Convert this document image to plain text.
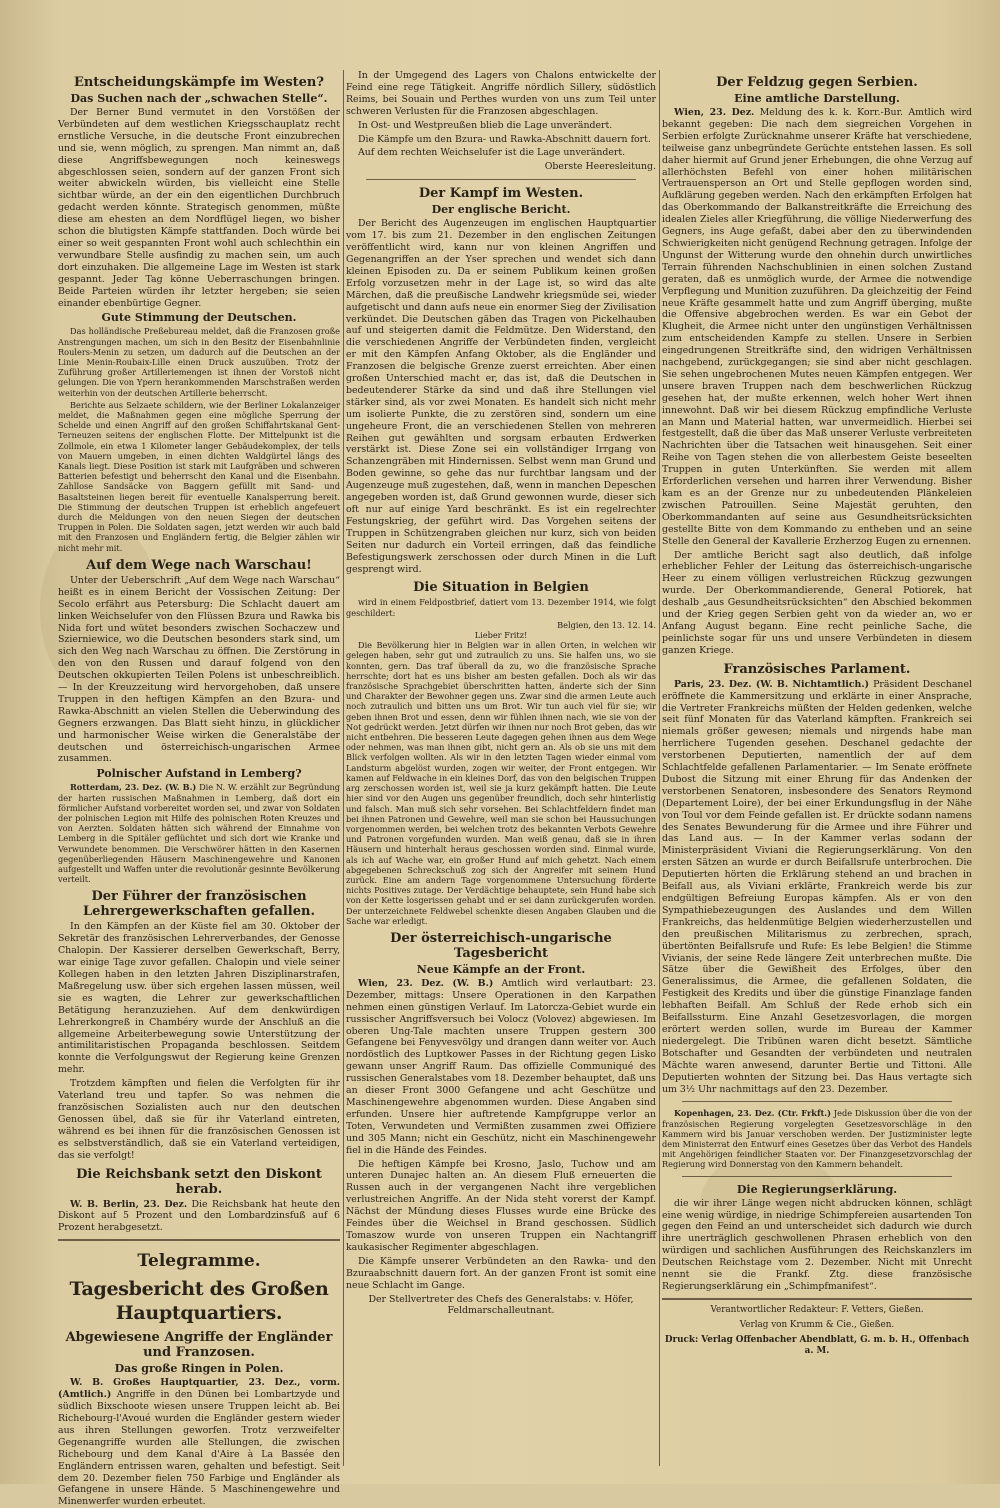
Entscheidungskämpfe im Westen?
Das Suchen nach der „schwachen Stelle“.

Der Berner Bund vermutet in den Vorstößen der Verbündeten auf dem westlichen Kriegsschauplatz recht ernstliche Versuche, in die deutsche Front einzubrechen und sie, wenn möglich, zu sprengen. Man nimmt an, daß diese Angriffsbewegungen noch keineswegs abgeschlossen seien, sondern auf der ganzen Front sich weiter abwickeln würden, bis vielleicht eine Stelle sichtbar würde, an der ein den eigentlichen Durchbruch gedacht werden könnte. Strategisch genommen, müßte diese am ehesten an dem Nordflügel liegen, wo bisher schon die blutigsten Kämpfe stattfanden. Doch würde bei einer so weit gespannten Front wohl auch schlechthin ein verwundbare Stelle ausfindig zu machen sein, um auch dort einzuhaken. Die allgemeine Lage im Westen ist stark gespannt. Jeder Tag könne Ueberraschungen bringen. Beide Parteien würden ihr letzter hergeben; sie seien einander ebenbürtige Gegner.

Gute Stimmung der Deutschen.

Das holländische Preßebureau meldet, daß die Franzosen große Anstrengungen machen, um sich in den Besitz der Eisenbahnlinie Roulers-Menin zu setzen, um dadurch auf die Deutschen an der Linie Menin-Roubaix-Lille einen Druck auszuüben. Trotz der Zuführung großer Artilleriemengen ist ihnen der Vorstoß nicht gelungen. Die von Ypern herankommenden Marschstraßen werden weiterhin von der deutschen Artillerie beherrscht.

Berichte aus Selzaete schildern, wie der Berliner Lokalanzeiger meldet, die Maßnahmen gegen eine mögliche Sperrung der Schelde und einen Angriff auf den großen Schiffahrtskanal Gent-Terneuzen seitens der englischen Flotte. Der Mittelpunkt ist die Zollmole, ein etwa 1 Kilometer langer Gebäudekomplex, der teils von Mauern umgeben, in einen dichten Waldgürtel längs des Kanals liegt. Diese Position ist stark mit Laufgräben und schweren Batterien befestigt und beherrscht den Kanal und die Eisenbahn. Zahllose Sandsäcke von Baggern gefüllt mit Sand- und Basaltsteinen liegen bereit für eventuelle Kanalsperrung bereit. Die Stimmung der deutschen Truppen ist erheblich angefeuert durch die Meldungen von den neuen Siegen der deutschen Truppen in Polen. Die Soldaten sagen, jetzt werden wir auch bald mit den Franzosen und Engländern fertig, die Belgier zählen wir nicht mehr mit.

Auf dem Wege nach Warschau!

Unter der Ueberschrift „Auf dem Wege nach Warschau“ heißt es in einem Bericht der Vossischen Zeitung: Der Secolo erfährt aus Petersburg: Die Schlacht dauert am linken Weichselufer von den Flüssen Bzura und Rawka bis Nida fort und wütet besonders zwischen Sochaczew und Szierniewice, wo die Deutschen besonders stark sind, um sich den Weg nach Warschau zu öffnen. Die Zerstörung in den von den Russen und darauf folgend von den Deutschen okkupierten Teilen Polens ist unbeschreiblich. — In der Kreuzzeitung wird hervorgehoben, daß unsere Truppen in den heftigen Kämpfen an den Bzura- und Rawka-Abschnitt an vielen Stellen die Ueberwindung des Gegners erzwangen. Das Blatt sieht hinzu, in glücklicher und harmonischer Weise wirken die Generalstäbe der deutschen und österreichisch-ungarischen Armee zusammen.

Polnischer Aufstand in Lemberg?

Rotterdam, 23. Dez. (W. B.) Die N. W. erzählt zur Begründung der harten russischen Maßnahmen in Lemberg, daß dort ein förmlicher Aufstand vorbereitet worden sei, und zwar von Soldaten der polnischen Legion mit Hilfe des polnischen Roten Kreuzes und von Aerzten. Soldaten hätten sich während der Einnahme von Lemberg in die Spitäler geflüchtet und sich dort wie Kranke und Verwundete benommen. Die Verschwörer hätten in den Kasernen gegenüberliegenden Häusern Maschinengewehre und Kanonen aufgestellt und Waffen unter die revolutionär gesinnte Bevölkerung verteilt.

Der Führer der französischen Lehrergewerkschaften gefallen.

In den Kämpfen an der Küste fiel am 30. Oktober der Sekretär des französischen Lehrerverbandes, der Genosse Chalopin. Der Kassierer derselben Gewerkschaft, Berry, war einige Tage zuvor gefallen. Chalopin und viele seiner Kollegen haben in den letzten Jahren Disziplinarstrafen, Maßregelung usw. über sich ergehen lassen müssen, weil sie es wagten, die Lehrer zur gewerkschaftlichen Betätigung heranzuziehen. Auf dem denkwürdigen Lehrerkongreß in Chambéry wurde der Anschluß an die allgemeine Arbeiterbewegung sowie Unterstützung der antimilitaristischen Propaganda beschlossen. Seitdem konnte die Verfolgungswut der Regierung keine Grenzen mehr.

Trotzdem kämpften und fielen die Verfolgten für ihr Vaterland treu und tapfer. So was nehmen die französischen Sozialisten auch nur den deutschen Genossen übel, daß sie für ihr Vaterland eintreten, während es bei ihnen für die französischen Genossen ist es selbstverständlich, daß sie ein Vaterland verteidigen, das sie verfolgt!

Die Reichsbank setzt den Diskont herab.

W. B. Berlin, 23. Dez. Die Reichsbank hat heute den Diskont auf 5 Prozent und den Lombardzinsfuß auf 6 Prozent herabgesetzt.

Telegramme.
Tagesbericht des Großen Hauptquartiers.
Abgewiesene Angriffe der Engländer und Franzosen.
Das große Ringen in Polen.

W. B. Großes Hauptquartier, 23. Dez., vorm. (Amtlich.) Angriffe in den Dünen bei Lombartzyde und südlich Bixschoote wiesen unsere Truppen leicht ab. Bei Richebourg-l'Avoué wurden die Engländer gestern wieder aus ihren Stellungen geworfen. Trotz verzweifelter Gegenangriffe wurden alle Stellungen, die zwischen Richebourg und dem Kanal d'Aire à La Bassée den Engländern entrissen waren, gehalten und befestigt. Seit dem 20. Dezember fielen 750 Farbige und Engländer als Gefangene in unsere Hände. 5 Maschinengewehre und Minenwerfer wurden erbeutet.

In der Umgegend des Lagers von Chalons entwickelte der Feind eine rege Tätigkeit. Angriffe nördlich Sillery, südöstlich Reims, bei Souain und Perthes wurden von uns zum Teil unter schweren Verlusten für die Franzosen abgeschlagen.

In Ost- und Westpreußen blieb die Lage unverändert.

Die Kämpfe um den Bzura- und Rawka-Abschnitt dauern fort.

Auf dem rechten Weichselufer ist die Lage unverändert.

Oberste Heeresleitung.
Der Kampf im Westen.
Der englische Bericht.

Der Bericht des Augenzeugen im englischen Hauptquartier vom 17. bis zum 21. Dezember in den englischen Zeitungen veröffentlicht wird, kann nur von kleinen Angriffen und Gegenangriffen an der Yser sprechen und wendet sich dann kleinen Episoden zu. Da er seinem Publikum keinen großen Erfolg vorzusetzen mehr in der Lage ist, so wird das alte Märchen, daß die preußische Landwehr kriegsmüde sei, wieder aufgetischt und dann aufs neue ein enormer Sieg der Zivilisation verkündet. Die Deutschen gäben das Tragen von Pickelhauben auf und steigerten damit die Feldmütze. Den Widerstand, den die verschiedenen Angriffe der Verbündeten finden, vergleicht er mit den Kämpfen Anfang Oktober, als die Engländer und Franzosen die belgische Grenze zuerst erreichten. Aber einen großen Unterschied macht er, das ist, daß die Deutschen in bedeutenderer Stärke da sind und daß ihre Stellungen viel stärker sind, als vor zwei Monaten. Es handelt sich nicht mehr um isolierte Punkte, die zu zerstören sind, sondern um eine ungeheure Front, die an verschiedenen Stellen von mehreren Reihen gut gewählten und sorgsam erbauten Erdwerken verstärkt ist. Diese Zone sei ein vollständiger Irrgang von Schanzengräben mit Hindernissen. Selbst wenn man Grund und Boden gewinne, so gehe das nur furchtbar langsam und der Augenzeuge muß zugestehen, daß, wenn in manchen Depeschen angegeben worden ist, daß Grund gewonnen wurde, dieser sich oft nur auf einige Yard beschränkt. Es ist ein regelrechter Festungskrieg, der geführt wird. Das Vorgehen seitens der Truppen in Schützengraben gleichen nur kurz, sich von beiden Seiten nur dadurch ein Vorteil erringen, daß das feindliche Befestigungswerk zerschossen oder durch Minen in die Luft gesprengt wird.

Die Situation in Belgien

wird in einem Feldpostbrief, datiert vom 13. Dezember 1914, wie folgt geschildert:

Belgien, den 13. 12. 14.
Lieber Fritz!

Die Bevölkerung hier in Belgien war in allen Orten, in welchen wir gelegen haben, sehr gut und zutraulich zu uns. Sie halfen uns, wo sie konnten, gern. Das traf überall da zu, wo die französische Sprache herrschte; dort hat es uns bisher am besten gefallen. Doch als wir das französische Sprachgebiet überschritten hatten, änderte sich der Sinn und Charakter der Bewohner gegen uns. Zwar sind die armen Leute auch noch zutraulich und bitten uns um Brot. Wir tun auch viel für sie; wir geben ihnen Brot und essen, denn wir fühlen ihnen nach, wie sie von der Not gedrückt werden. Jetzt dürfen wir ihnen nur noch Brot geben, das wir nicht entbehren. Die besseren Leute dagegen gehen ihnen aus dem Wege oder nehmen, was man ihnen gibt, nicht gern an. Als ob sie uns mit dem Blick verfolgen wollten. Als wir in den letzten Tagen wieder einmal vom Landsturm abgelöst wurden, zogen wir weiter, der Front entgegen. Wir kamen auf Feldwache in ein kleines Dorf, das von den belgischen Truppen arg zerschossen worden ist, weil sie ja kurz gekämpft hatten. Die Leute hier sind vor den Augen uns gegenüber freundlich, doch sehr hinterlistig und falsch. Man muß sich sehr vorsehen. Bei Schlachtfeldern findet man bei ihnen Patronen und Gewehre, weil man sie schon bei Haussuchungen vorgenommen werden, bei welchen trotz des bekannten Verbots Gewehre und Patronen vorgefunden wurden. Man weiß genau, daß sie in ihren Häusern und hinterhalt heraus geschossen worden sind. Einmal wurde, als ich auf Wache war, ein großer Hund auf mich gehetzt. Nach einem abgegebenen Schreckschuß zog sich der Angreifer mit seinem Hund zurück. Eine am andern Tage vorgenommene Untersuchung förderte nichts Positives zutage. Der Verdächtige behauptete, sein Hund habe sich von der Kette losgerissen gehabt und er sei dann zurückgerufen worden. Der unterzeichnete Feldwebel schenkte diesen Angaben Glauben und die Sache war erledigt.

Der österreichisch-ungarische Tagesbericht
Neue Kämpfe an der Front.

Wien, 23. Dez. (W. B.) Amtlich wird verlautbart: 23. Dezember, mittags: Unsere Operationen in den Karpathen nehmen einen günstigen Verlauf. Im Latorcza-Gebiet wurde ein russischer Angriffsversuch bei Volocz (Volovez) abgewiesen. Im oberen Ung-Tale machten unsere Truppen gestern 300 Gefangene bei Fenyvesvölgy und drangen dann weiter vor. Auch nordöstlich des Luptkower Passes in der Richtung gegen Lisko gewann unser Angriff Raum. Das offizielle Communiqué des russischen Generalstabes vom 18. Dezember behauptet, daß uns an dieser Front 3000 Gefangene und acht Geschütze und Maschinengewehre abgenommen wurden. Diese Angaben sind erfunden. Unsere hier auftretende Kampfgruppe verlor an Toten, Verwundeten und Vermißten zusammen zwei Offiziere und 305 Mann; nicht ein Geschütz, nicht ein Maschinengewehr fiel in die Hände des Feindes.

Die heftigen Kämpfe bei Krosno, Jaslo, Tuchow und am unteren Dunajec halten an. An diesem Fluß erneuerten die Russen auch in der vergangenen Nacht ihre vergeblichen verlustreichen Angriffe. An der Nida steht vorerst der Kampf. Nächst der Mündung dieses Flusses wurde eine Brücke des Feindes über die Weichsel in Brand geschossen. Südlich Tomaszow wurde von unseren Truppen ein Nachtangriff kaukasischer Regimenter abgeschlagen.

Die Kämpfe unserer Verbündeten an den Rawka- und den Bzuraabschnitt dauern fort. An der ganzen Front ist somit eine neue Schlacht im Gange.

Der Stellvertreter des Chefs des Generalstabs: v. Höfer, Feldmarschalleutnant.
Der Feldzug gegen Serbien.
Eine amtliche Darstellung.

Wien, 23. Dez. Meldung des k. k. Korr.-Bur. Amtlich wird bekannt gegeben: Die nach dem siegreichen Vorgehen in Serbien erfolgte Zurücknahme unserer Kräfte hat verschiedene, teilweise ganz unbegründete Gerüchte entstehen lassen. Es soll daher hiermit auf Grund jener Erhebungen, die ohne Verzug auf allerhöchsten Befehl von einer hohen militärischen Vertrauensperson an Ort und Stelle gepflogen worden sind, Aufklärung gegeben werden. Nach den erkämpften Erfolgen hat das Oberkommando der Balkanstreitkräfte die Erreichung des idealen Zieles aller Kriegführung, die völlige Niederwerfung des Gegners, ins Auge gefaßt, dabei aber den zu überwindenden Schwierigkeiten nicht genügend Rechnung getragen. Infolge der Ungunst der Witterung wurde den ohnehin durch unwirtliches Terrain führenden Nachschublinien in einen solchen Zustand geraten, daß es unmöglich wurde, der Armee die notwendige Verpflegung und Munition zuzuführen. Da gleichzeitig der Feind neue Kräfte gesammelt hatte und zum Angriff überging, mußte die Offensive abgebrochen werden. Es war ein Gebot der Klugheit, die Armee nicht unter den ungünstigen Verhältnissen zum entscheidenden Kampfe zu stellen. Unsere in Serbien eingedrungenen Streitkräfte sind, den widrigen Verhältnissen nachgebend, zurückgegangen; sie sind aber nicht geschlagen. Sie sehen ungebrochenen Mutes neuen Kämpfen entgegen. Wer unsere braven Truppen nach dem beschwerlichen Rückzug gesehen hat, der mußte erkennen, welch hoher Wert ihnen innewohnt. Daß wir bei diesem Rückzug empfindliche Verluste an Mann und Material hatten, war unvermeidlich. Hierbei sei festgestellt, daß die über das Maß unserer Verluste verbreiteten Nachrichten über die Tatsachen weit hinausgehen. Seit einer Reihe von Tagen stehen die von allerbestem Geiste beseelten Truppen in guten Unterkünften. Sie werden mit allem Erforderlichen versehen und harren ihrer Verwendung. Bisher kam es an der Grenze nur zu unbedeutenden Plänkeleien zwischen Patrouillen. Seine Majestät geruhten, den Oberkommandanten auf seine aus Gesundheitsrücksichten gestellte Bitte von dem Kommando zu entheben und an seine Stelle den General der Kavallerie Erzherzog Eugen zu ernennen.

Der amtliche Bericht sagt also deutlich, daß infolge erheblicher Fehler der Leitung das österreichisch-ungarische Heer zu einem völligen verlustreichen Rückzug gezwungen wurde. Der Oberkommandierende, General Potiorek, hat deshalb „aus Gesundheitsrücksichten“ den Abschied bekommen und der Krieg gegen Serbien geht von da wieder an, wo er Anfang August begann. Eine recht peinliche Sache, die peinlichste sogar für uns und unsere Verbündeten in diesem ganzen Kriege.

Französisches Parlament.

Paris, 23. Dez. (W. B. Nichtamtlich.) Präsident Deschanel eröffnete die Kammersitzung und erklärte in einer Ansprache, die Vertreter Frankreichs müßten der Helden gedenken, welche seit fünf Monaten für das Vaterland kämpften. Frankreich sei niemals größer gewesen; niemals und nirgends habe man herrlichere Tugenden gesehen. Deschanel gedachte der verstorbenen Deputierten, namentlich der auf dem Schlachtfelde gefallenen Parlamentarier. — Im Senate eröffnete Dubost die Sitzung mit einer Ehrung für das Andenken der verstorbenen Senatoren, insbesondere des Senators Reymond (Departement Loire), der bei einer Erkundungsflug in der Nähe von Toul vor dem Feinde gefallen ist. Er drückte sodann namens des Senates Bewunderung für die Armee und ihre Führer und das Land aus. — In der Kammer verlas sodann der Ministerpräsident Viviani die Regierungserklärung. Von den ersten Sätzen an wurde er durch Beifallsrufe unterbrochen. Die Deputierten hörten die Erklärung stehend an und brachen in Beifall aus, als Viviani erklärte, Frankreich werde bis zur endgültigen Befreiung Europas kämpfen. Als er von den Sympathiebezeugungen des Auslandes und dem Willen Frankreichs, das heldenmütige Belgien wiederherzustellen und den preußischen Militarismus zu zerbrechen, sprach, übertönten Beifallsrufe und Rufe: Es lebe Belgien! die Stimme Vivianis, der seine Rede längere Zeit unterbrechen mußte. Die Sätze über die Gewißheit des Erfolges, über den Generalissimus, die Armee, die gefallenen Soldaten, die Festigkeit des Kredits und über die günstige Finanzlage fanden lebhaften Beifall. Am Schluß der Rede erhob sich ein Beifallssturm. Eine Anzahl Gesetzesvorlagen, die morgen erörtert werden sollen, wurde im Bureau der Kammer niedergelegt. Die Tribünen waren dicht besetzt. Sämtliche Botschafter und Gesandten der verbündeten und neutralen Mächte waren anwesend, darunter Bertie und Tittoni. Alle Deputierten wohnten der Sitzung bei. Das Haus vertagte sich um 3½ Uhr nachmittags auf den 23. Dezember.

Kopenhagen, 23. Dez. (Ctr. Frkft.) Jede Diskussion über die von der französischen Regierung vorgelegten Gesetzesvorschläge in den Kammern wird bis Januar verschoben werden. Der Justizminister legte dem Ministerrat den Entwurf eines Gesetzes über das Verbot des Handels mit Angehörigen feindlicher Staaten vor. Der Finanzgesetzvorschlag der Regierung wird Donnerstag von den Kammern behandelt.

Die Regierungserklärung.

die wir ihrer Länge wegen nicht abdrucken können, schlägt eine wenig würdige, in niedrige Schimpfereien ausartenden Ton gegen den Feind an und unterscheidet sich dadurch wie durch ihre unerträglich geschwollenen Phrasen erheblich von den würdigen und sachlichen Ausführungen des Reichskanzlers im Deutschen Reichstage vom 2. Dezember. Nicht mit Unrecht nennt sie die Frankf. Ztg. diese französische Regierungserklärung ein „Schimpfmanifest“.

Verantwortlicher Redakteur: F. Vetters, Gießen.
Verlag von Krumm & Cie., Gießen.
Druck: Verlag Offenbacher Abendblatt, G. m. b. H., Offenbach a. M.
